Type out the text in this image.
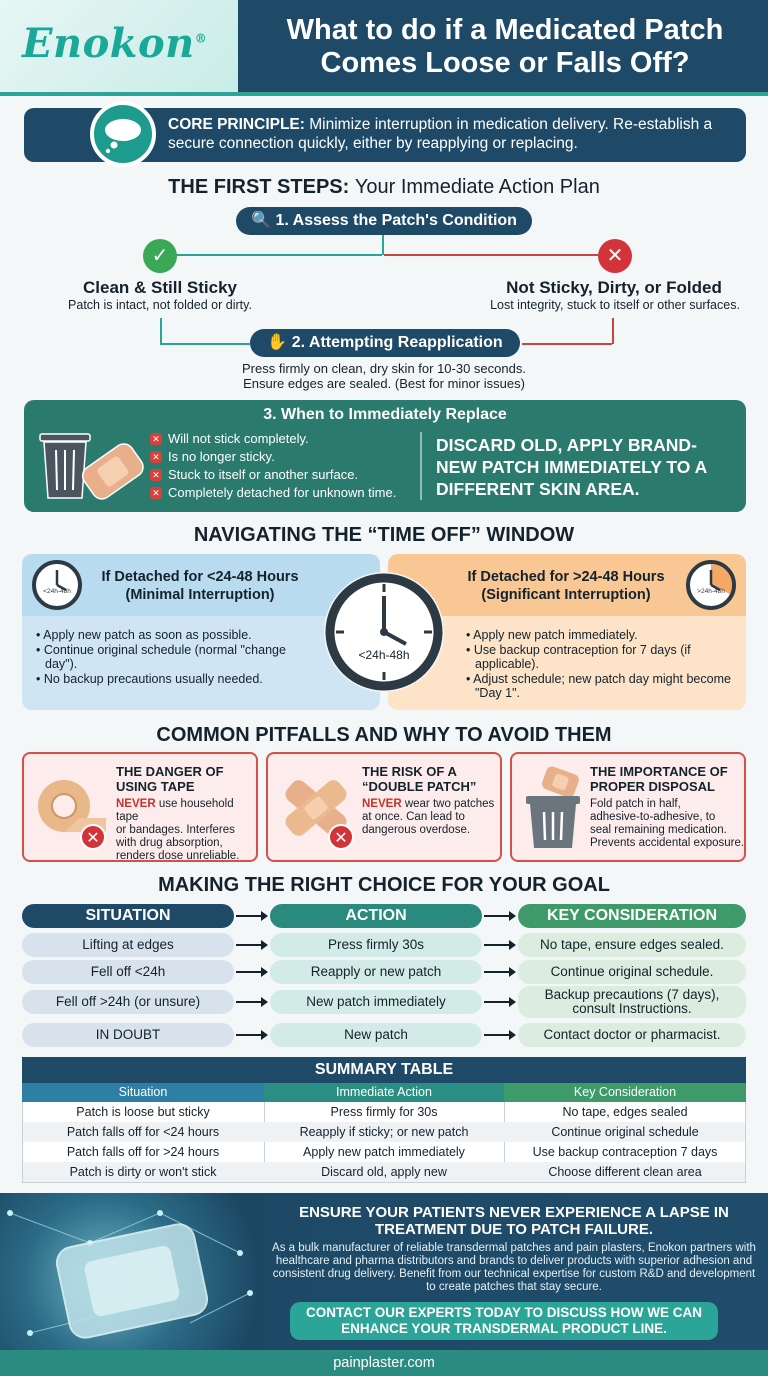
Enokon®	What to do if a Medicated Patch Comes Loose or Falls Off?
CORE PRINCIPLE: Minimize interruption in medication delivery. Re-establish a secure connection quickly, either by reapplying or replacing.
THE FIRST STEPS: Your Immediate Action Plan
🔍 1. Assess the Patch's Condition
✓	✕
Clean & Still Sticky
Patch is intact, not folded or dirty.
Not Sticky, Dirty, or Folded
Lost integrity, stuck to itself or other surfaces.
✋ 2. Attempting Reapplication
Press firmly on clean, dry skin for 10-30 seconds.
Ensure edges are sealed. (Best for minor issues)
3. When to Immediately Replace
✕ Will not stick completely.
✕ Is no longer sticky.
✕ Stuck to itself or another surface.
✕ Completely detached for unknown time.
DISCARD OLD, APPLY BRAND-NEW PATCH IMMEDIATELY TO A DIFFERENT SKIN AREA.
NAVIGATING THE “TIME OFF” WINDOW
<24h-48h	>24h-48h
If Detached for <24-48 Hours
(Minimal Interruption)
If Detached for >24-48 Hours
(Significant Interruption)
• Apply new patch as soon as possible.
• Continue original schedule (normal "change day").
• No backup precautions usually needed.
• Apply new patch immediately.
• Use backup contraception for 7 days (if applicable).
• Adjust schedule; new patch day might become "Day 1".
<24h-48h
COMMON PITFALLS AND WHY TO AVOID THEM
✕
THE DANGER OF
USING TAPE
NEVER use household tape
or bandages. Interferes
with drug absorption,
renders dose unreliable.
✕
THE RISK OF A
“DOUBLE PATCH”
NEVER wear two patches
at once. Can lead to
dangerous overdose.
THE IMPORTANCE OF
PROPER DISPOSAL
Fold patch in half,
adhesive-to-adhesive, to
seal remaining medication.
Prevents accidental exposure.
MAKING THE RIGHT CHOICE FOR YOUR GOAL
SITUATION	ACTION	KEY CONSIDERATION
Lifting at edges	Press firmly 30s	No tape, ensure edges sealed.
Fell off <24h	Reapply or new patch	Continue original schedule.
Fell off >24h (or unsure)	New patch immediately	Backup precautions (7 days),
consult Instructions.
IN DOUBT	New patch	Contact doctor or pharmacist.
SUMMARY TABLE
Situation	Immediate Action	Key Consideration
Patch is loose but sticky	Press firmly for 30s	No tape, edges sealed
Patch falls off for <24 hours	Reapply if sticky; or new patch	Continue original schedule
Patch falls off for >24 hours	Apply new patch immediately	Use backup contraception 7 days
Patch is dirty or won't stick	Discard old, apply new	Choose different clean area
ENSURE YOUR PATIENTS NEVER EXPERIENCE A LAPSE IN TREATMENT DUE TO PATCH FAILURE.
As a bulk manufacturer of reliable transdermal patches and pain plasters, Enokon partners with healthcare and pharma distributors and brands to deliver products with superior adhesion and consistent drug delivery. Benefit from our technical expertise for custom R&D and development to create patches that stay secure.
CONTACT OUR EXPERTS TODAY TO DISCUSS HOW WE CAN ENHANCE YOUR TRANSDERMAL PRODUCT LINE.
painplaster.com
